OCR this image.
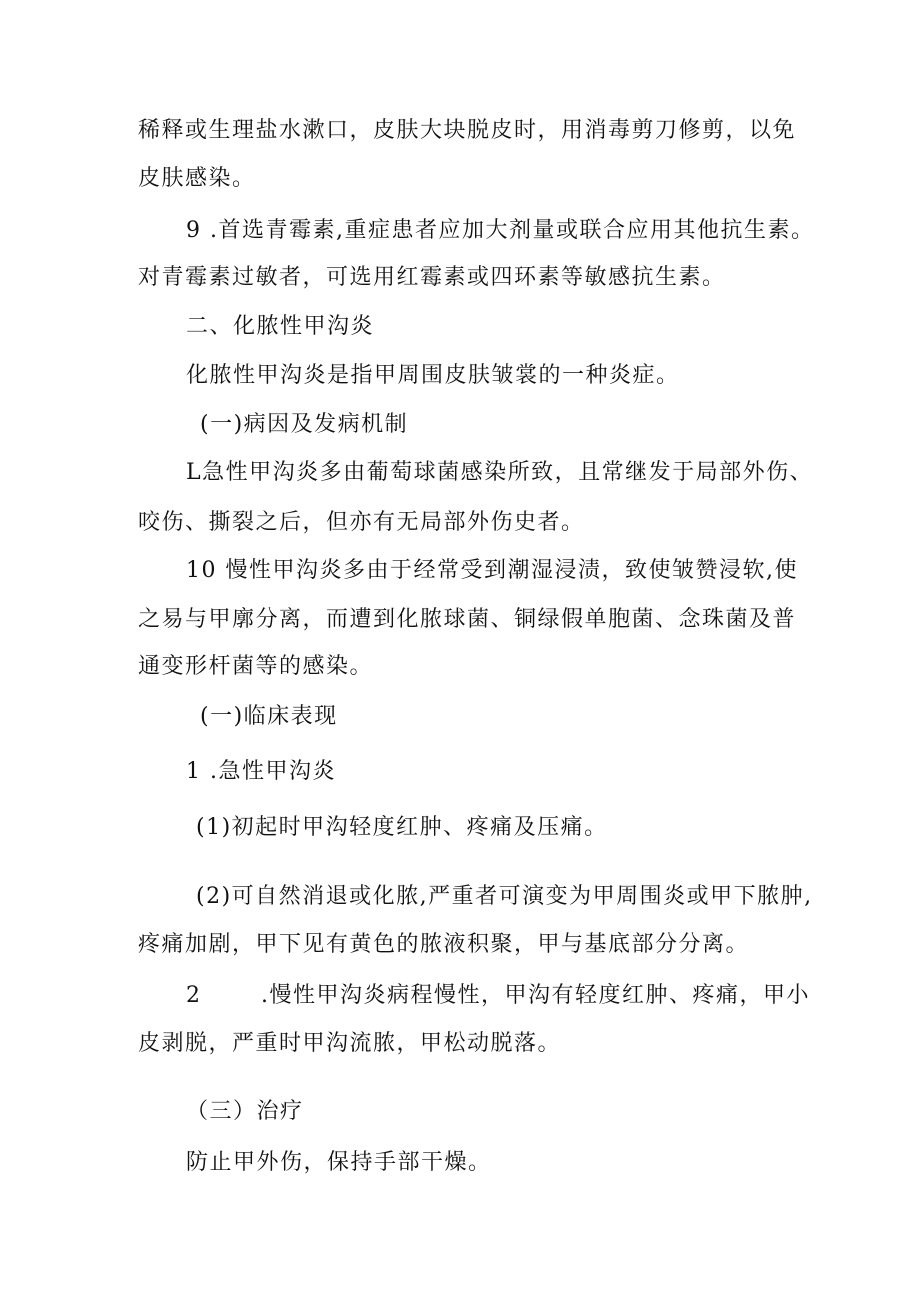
稀释或生理盐水漱口，皮肤大块脱皮时，用消毒剪刀修剪，以免
皮肤感染。
9 .首选青霉素,重症患者应加大剂量或联合应用其他抗生素。
对青霉素过敏者，可选用红霉素或四环素等敏感抗生素。
二、化脓性甲沟炎
化脓性甲沟炎是指甲周围皮肤皱裳的一种炎症。
(一)病因及发病机制
L急性甲沟炎多由葡萄球菌感染所致，且常继发于局部外伤、
咬伤、撕裂之后，但亦有无局部外伤史者。
10 慢性甲沟炎多由于经常受到潮湿浸渍，致使皱赞浸软,使
之易与甲廓分离，而遭到化脓球菌、铜绿假单胞菌、念珠菌及普
通变形杆菌等的感染。
(一)临床表现
1 .急性甲沟炎
(1)初起时甲沟轻度红肿、疼痛及压痛。
(2)可自然消退或化脓,严重者可演变为甲周围炎或甲下脓肿,
疼痛加剧，甲下见有黄色的脓液积聚，甲与基底部分分离。
2       .慢性甲沟炎病程慢性，甲沟有轻度红肿、疼痛，甲小
皮剥脱，严重时甲沟流脓，甲松动脱落。
（三）治疗
防止甲外伤，保持手部干燥。
